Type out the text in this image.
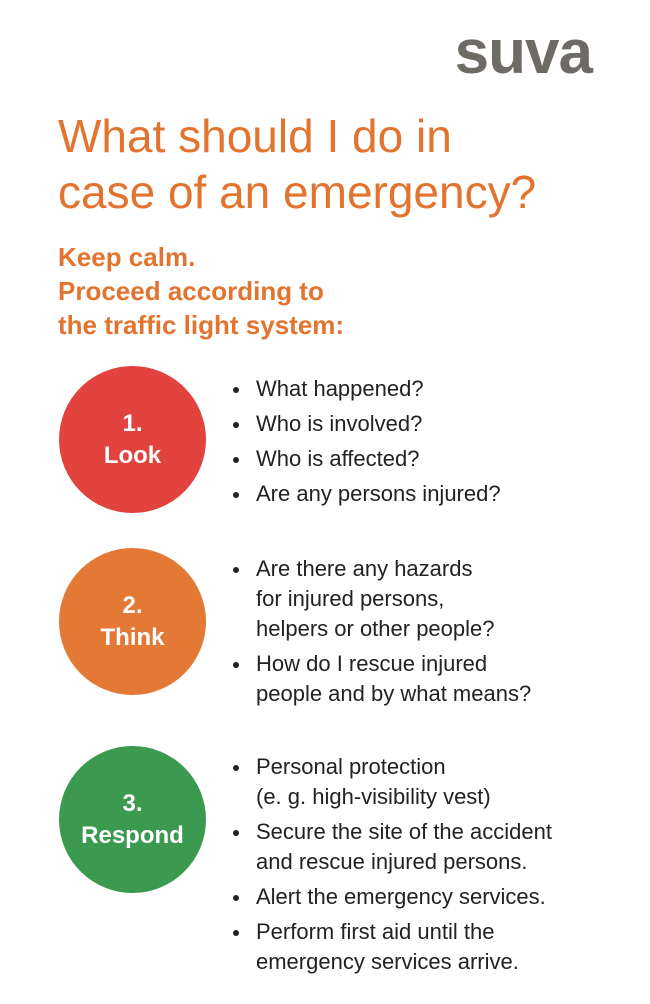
suva
What should I do in
case of an emergency?

Keep calm.
Proceed according to
the traffic light system:

1.
Look
What happened?
Who is involved?
Who is affected?
Are any persons injured?
2.
Think
Are there any hazards
for injured persons,
helpers or other people?
How do I rescue injured
people and by what means?
3.
Respond
Personal protection
(e. g. high-visibility vest)
Secure the site of the accident
and rescue injured persons.
Alert the emergency services.
Perform first aid until the
emergency services arrive.
